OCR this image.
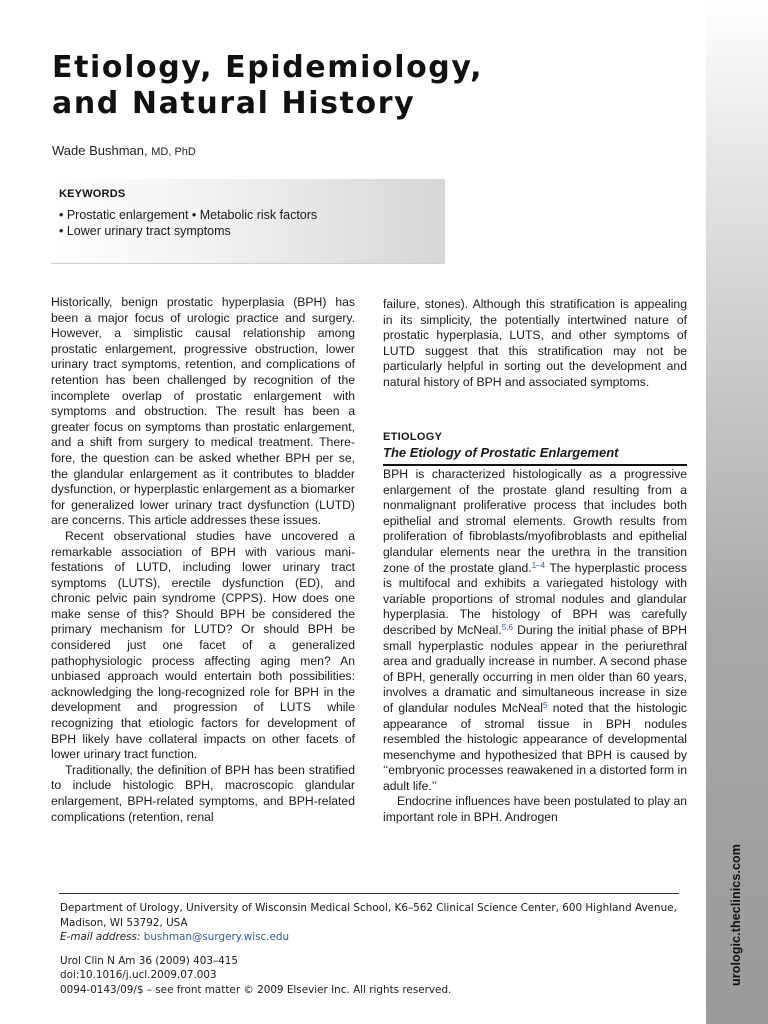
urologic.theclinics.com
Etiology, Epidemiology,
and Natural History
Wade Bushman, MD, PhD
KEYWORDS
• Prostatic enlargement • Metabolic risk factors
• Lower urinary tract symptoms

Historically, benign prostatic hyperplasia (BPH) has been a major focus of urologic practice and surgery. However, a simplistic causal relationship among prostatic enlargement, progressive obstruction, lower urinary tract symptoms, retention, and complications of retention has been challenged by recognition of the incomplete overlap of prostatic enlargement with symptoms and obstruction. The result has been a greater focus on symptoms than prostatic enlargement, and a shift from surgery to medical treatment. Therefore, the question can be asked whether BPH per se, the glandular enlargement as it contributes to bladder dysfunction, or hyperplastic enlargement as a biomarker for generalized lower urinary tract dysfunction (LUTD) are concerns. This article addresses these issues.

Recent observational studies have uncovered a remarkable association of BPH with various manifestations of LUTD, including lower urinary tract symptoms (LUTS), erectile dysfunction (ED), and chronic pelvic pain syndrome (CPPS). How does one make sense of this? Should BPH be considered the primary mechanism for LUTD? Or should BPH be considered just one facet of a generalized pathophysiologic process affecting aging men? An unbiased approach would entertain both possibilities: acknowledging the long-recognized role for BPH in the development and progression of LUTS while recognizing that etiologic factors for development of BPH likely have collateral impacts on other facets of lower urinary tract function.

Traditionally, the definition of BPH has been stratified to include histologic BPH, macroscopic glandular enlargement, BPH-related symptoms, and BPH-related complications (retention, renal

failure, stones). Although this stratification is appealing in its simplicity, the potentially intertwined nature of prostatic hyperplasia, LUTS, and other symptoms of LUTD suggest that this stratification may not be particularly helpful in sorting out the development and natural history of BPH and associated symptoms.

ETIOLOGY
The Etiology of Prostatic Enlargement

BPH is characterized histologically as a progressive enlargement of the prostate gland resulting from a nonmalignant proliferative process that includes both epithelial and stromal elements. Growth results from proliferation of fibroblasts/myofibroblasts and epithelial glandular elements near the urethra in the transition zone of the prostate gland.$^{1-4}$ The hyperplastic process is multifocal and exhibits a variegated histology with variable proportions of stromal nodules and glandular hyperplasia. The histology of BPH was carefully described by McNeal.$^{5,6}$ During the initial phase of BPH small hyperplastic nodules appear in the periurethral area and gradually increase in number. A second phase of BPH, generally occurring in men older than 60 years, involves a dramatic and simultaneous increase in size of glandular nodules McNeal$^5$ noted that the histologic appearance of stromal tissue in BPH nodules resembled the histologic appearance of developmental mesenchyme and hypothesized that BPH is caused by ‘‘embryonic processes reawakened in a distorted form in adult life.’’

Endocrine influences have been postulated to play an important role in BPH. Androgen

Department of Urology, University of Wisconsin Medical School, K6–562 Clinical Science Center, 600 Highland Avenue, Madison, WI 53792, USA
E-mail address: bushman@surgery.wisc.edu
Urol Clin N Am 36 (2009) 403–415
doi:10.1016/j.ucl.2009.07.003
0094-0143/09/$ – see front matter © 2009 Elsevier Inc. All rights reserved.
